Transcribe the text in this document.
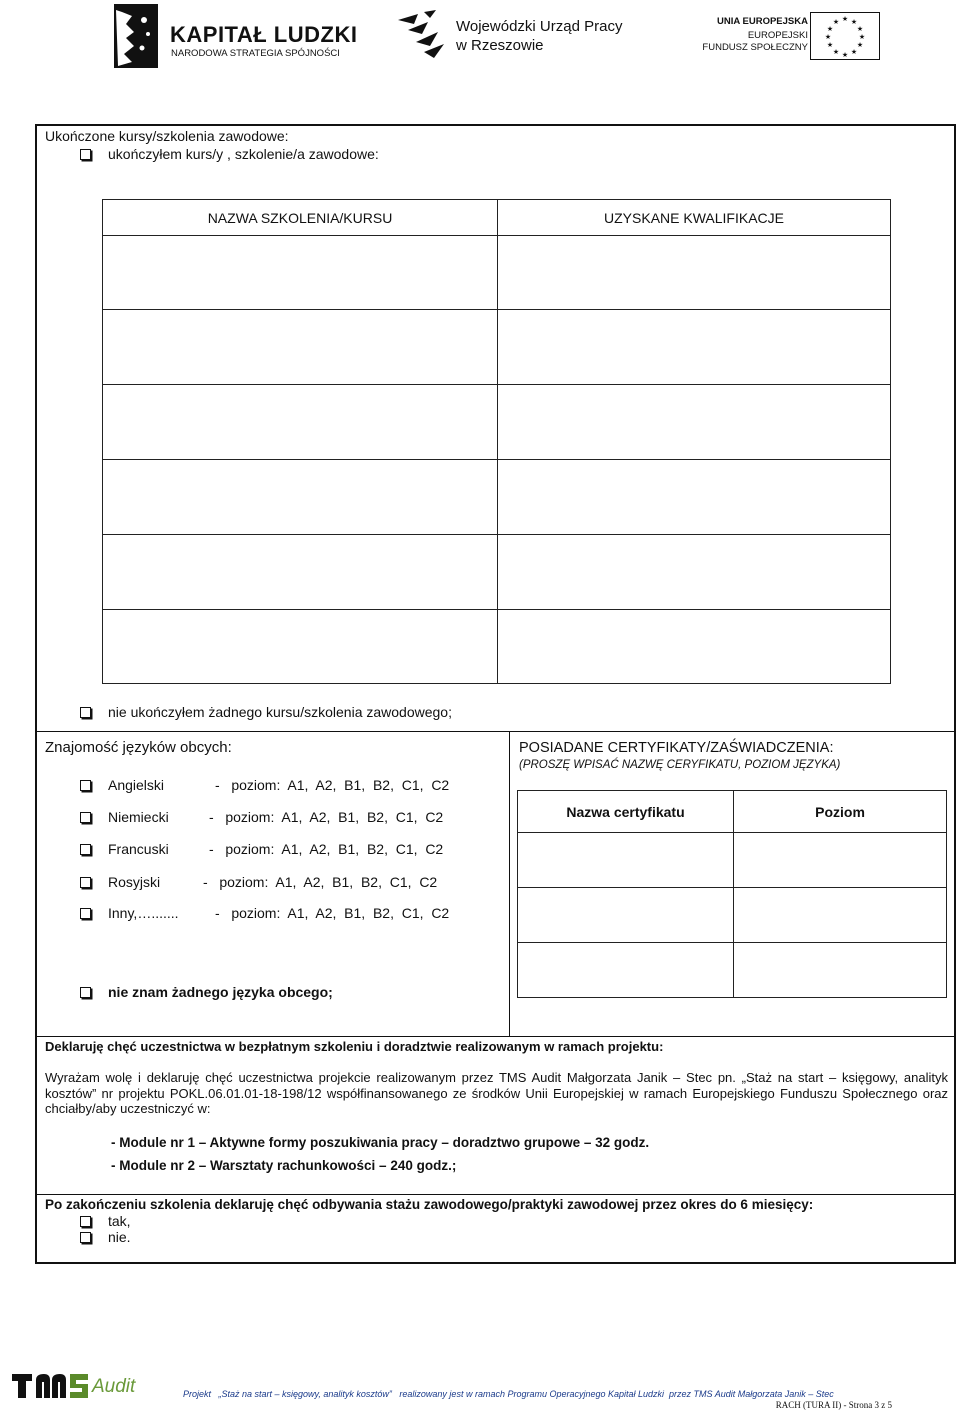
KAPITAŁ LUDZKI
NARODOWA STRATEGIA SPÓJNOŚCI
Wojewódzki Urząd Pracy
w Rzeszowie
UNIA EUROPEJSKA
EUROPEJSKI
FUNDUSZ SPOŁECZNY
★ ★
★
★
★
★
★
★
★
★
★
★
Ukończone kursy/szkolenia zawodowe:
ukończyłem kurs/y , szkolenie/a zawodowe:
NAZWA SZKOLENIA/KURSU	UZYSKANE KWALIFIKACJE

nie ukończyłem żadnego kursu/szkolenia zawodowego;
Znajomość języków obcych:
Angielski	-   poziom:  A1,  A2,  B1,  B2,  C1,  C2
Niemiecki	-   poziom:  A1,  A2,  B1,  B2,  C1,  C2
Francuski	-   poziom:  A1,  A2,  B1,  B2,  C1,  C2
Rosyjski	-   poziom:  A1,  A2,  B1,  B2,  C1,  C2
Inny,….......	-   poziom:  A1,  A2,  B1,  B2,  C1,  C2
nie znam żadnego języka obcego;
POSIADANE CERTYFIKATY/ZAŚWIADCZENIA:
(PROSZĘ WPISAĆ NAZWĘ CERYFIKATU, POZIOM JĘZYKA)
Nazwa certyfikatu	Poziom

Deklaruję chęć uczestnictwa w bezpłatnym szkoleniu i doradztwie realizowanym w ramach projektu:
Wyrażam wolę i deklaruję chęć uczestnictwa projekcie realizowanym przez TMS Audit Małgorzata Janik – Stec pn. „Staż na start – księgowy, analityk kosztów” nr projektu POKL.06.01.01-18-198/12 współfinansowanego ze środków Unii Europejskiej w ramach Europejskiego Funduszu Społecznego oraz chciałby/aby uczestniczyć w:
- Module nr 1 – Aktywne formy poszukiwania pracy – doradztwo grupowe – 32 godz.
- Module nr 2 – Warsztaty rachunkowości – 240 godz.;
Po zakończeniu szkolenia deklaruję chęć odbywania stażu zawodowego/praktyki zawodowej przez okres do 6 miesięcy:
tak,
nie.
Audit	Projekt   „Staż na start – księgowy, analityk kosztów”   realizowany jest w ramach Programu Operacyjnego Kapitał Ludzki  przez TMS Audit Małgorzata Janik – Stec
RACH (TURA II) - Strona 3 z 5
